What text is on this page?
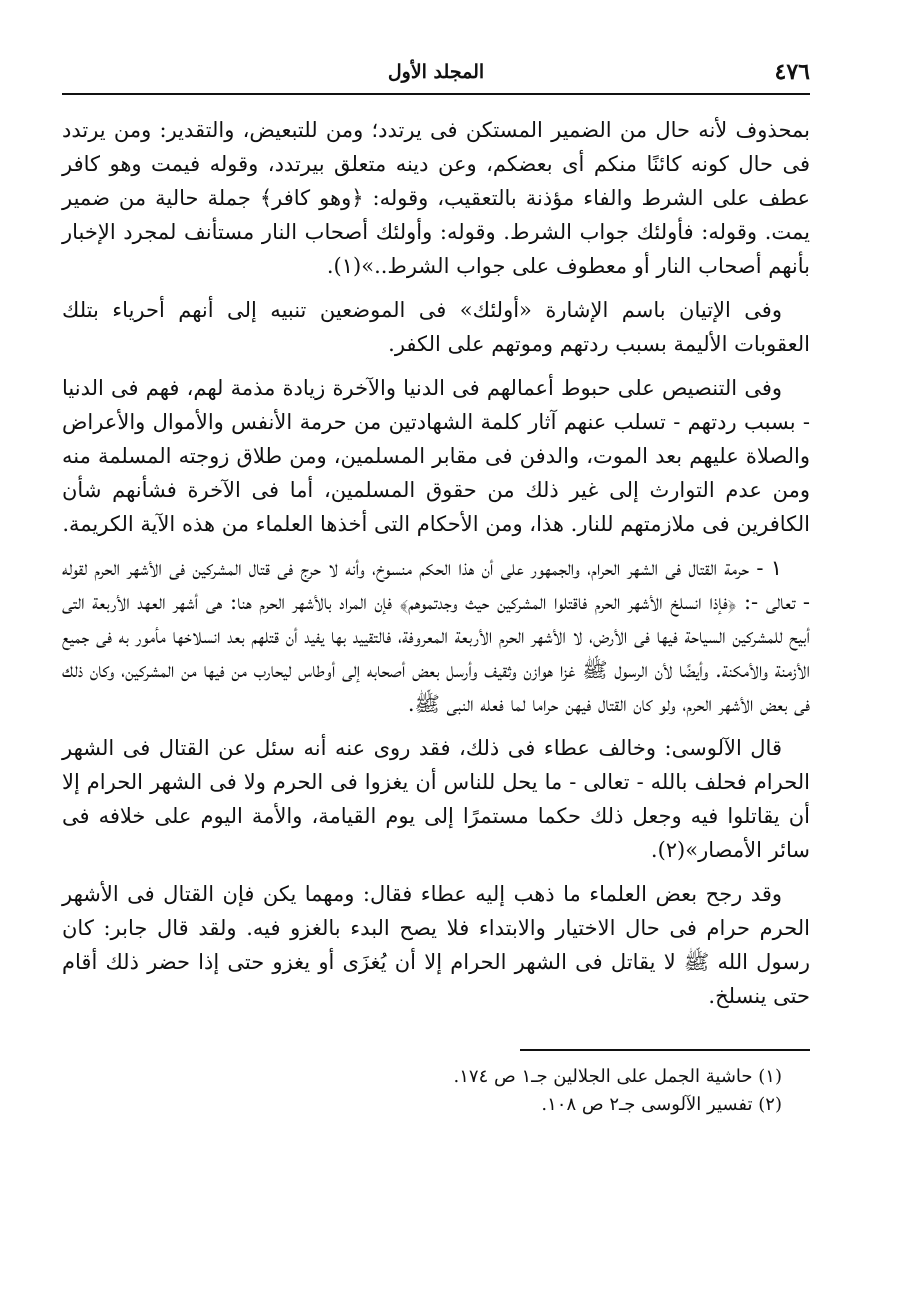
٤٧٦
المجلد الأول

بمحذوف لأنه حال من الضمير المستكن فى يرتدد؛ ومن للتبعيض، والتقدير: ومن يرتدد فى حال كونه كائنًا منكم أى بعضكم، وعن دينه متعلق بيرتدد، وقوله فيمت وهو كافر عطف على الشرط والفاء مؤذنة بالتعقيب، وقوله: ﴿وهو كافر﴾ جملة حالية من ضمير يمت. وقوله: فأولئك جواب الشرط. وقوله: وأولئك أصحاب النار مستأنف لمجرد الإخبار بأنهم أصحاب النار أو معطوف على جواب الشرط..»(١).

وفى الإتيان باسم الإشارة «أولئك» فى الموضعين تنبيه إلى أنهم أحرياء بتلك العقوبات الأليمة بسبب ردتهم وموتهم على الكفر.

وفى التنصيص على حبوط أعمالهم فى الدنيا والآخرة زيادة مذمة لهم، فهم فى الدنيا - بسبب ردتهم - تسلب عنهم آثار كلمة الشهادتين من حرمة الأنفس والأموال والأعراض والصلاة عليهم بعد الموت، والدفن فى مقابر المسلمين، ومن طلاق زوجته المسلمة منه ومن عدم التوارث إلى غير ذلك من حقوق المسلمين، أما فى الآخرة فشأنهم شأن الكافرين فى ملازمتهم للنار. هذا، ومن الأحكام التى أخذها العلماء من هذه الآية الكريمة.

١ - حرمة القتال فى الشهر الحرام، والجمهور على أن هذا الحكم منسوخ، وأنه لا حرج فى قتال المشركين فى الأشهر الحرم لقوله - تعالى -: ﴿فإذا انسلخ الأشهر الحرم فاقتلوا المشركين حيث وجدتموهم﴾ فإن المراد بالأشهر الحرم هنا: هى أشهر العهد الأربعة التى أبيح للمشركين السياحة فيها فى الأرض، لا الأشهر الحرم الأربعة المعروفة، فالتقييد بها يفيد أن قتلهم بعد انسلاخها مأمور به فى جميع الأزمنة والأمكنة. وأيضًا لأن الرسول ﷺ غزا هوازن وثقيف وأرسل بعض أصحابه إلى أوطاس ليحارب من فيها من المشركين، وكان ذلك فى بعض الأشهر الحرم، ولو كان القتال فيهن حراما لما فعله النبى ﷺ.

قال الآلوسى: وخالف عطاء فى ذلك، فقد روى عنه أنه سئل عن القتال فى الشهر الحرام فحلف بالله - تعالى - ما يحل للناس أن يغزوا فى الحرم ولا فى الشهر الحرام إلا أن يقاتلوا فيه وجعل ذلك حكما مستمرًا إلى يوم القيامة، والأمة اليوم على خلافه فى سائر الأمصار»(٢).

وقد رجح بعض العلماء ما ذهب إليه عطاء فقال: ومهما يكن فإن القتال فى الأشهر الحرم حرام فى حال الاختيار والابتداء فلا يصح البدء بالغزو فيه. ولقد قال جابر: كان رسول الله ﷺ لا يقاتل فى الشهر الحرام إلا أن يُغزَى أو يغزو حتى إذا حضر ذلك أقام حتى ينسلخ.

(١) حاشية الجمل على الجلالين جـ١ ص ١٧٤.

(٢) تفسير الآلوسى جـ٢ ص ١٠٨.
